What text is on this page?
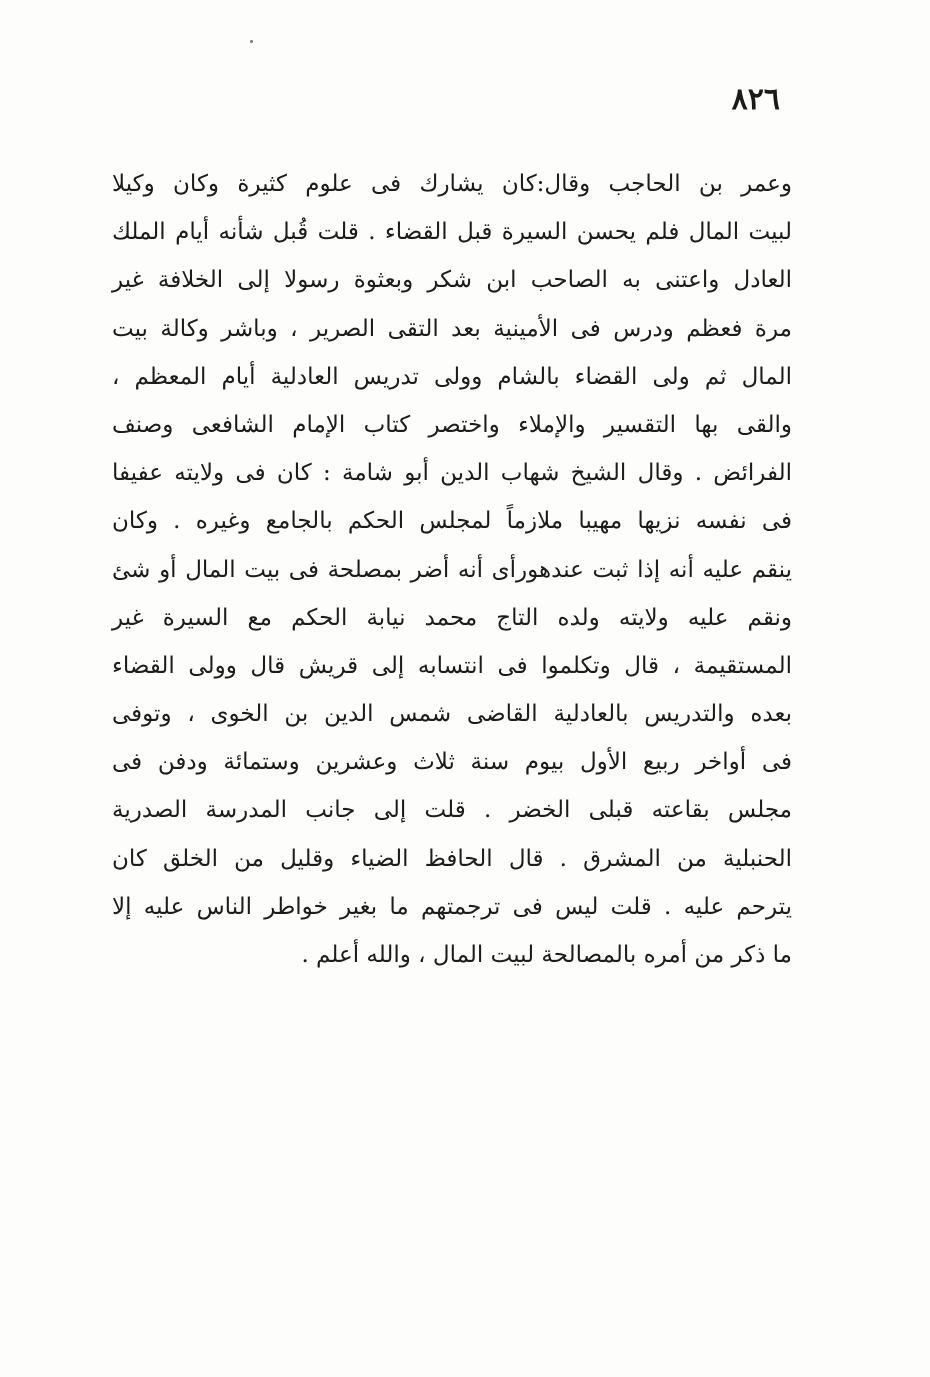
٨٢٦
وعمر بن الحاجب وقال:كان يشارك فى علوم كثيرة وكان وكيلا
لبيت المال فلم يحسن السيرة قبل القضاء . قلت قُبل شأنه أيام الملك
العادل واعتنى به الصاحب ابن شكر وبعثوة رسولا إلى الخلافة غير
مرة فعظم ودرس فى الأمينية بعد التقى الصرير ، وباشر وكالة بيت
المال ثم ولى القضاء بالشام وولى تدريس العادلية أيام المعظم ،
والقى بها التقسير والإملاء واختصر كتاب الإمام الشافعى وصنف
الفرائض . وقال الشيخ شهاب الدين أبو شامة : كان فى ولايته عفيفا
فى نفسه نزيها مهيبا ملازماً لمجلس الحكم بالجامع وغيره . وكان
ينقم عليه أنه إذا ثبت عندهورأى أنه أضر بمصلحة فى بيت المال أو شئ
ونقم عليه ولايته ولده التاج محمد نيابة الحكم مع السيرة غير
المستقيمة ، قال وتكلموا فى انتسابه إلى قريش قال وولى القضاء
بعده والتدريس بالعادلية القاضى شمس الدين بن الخوى ، وتوفى
فى أواخر ربيع الأول بيوم سنة ثلاث وعشرين وستمائة ودفن فى
مجلس بقاعته قبلى الخضر . قلت إلى جانب المدرسة الصدرية
الحنبلية من المشرق . قال الحافظ الضياء وقليل من الخلق كان
يترحم عليه . قلت ليس فى ترجمتهم ما بغير خواطر الناس عليه إلا
ما ذكر من أمره بالمصالحة لبيت المال ، والله أعلم .
